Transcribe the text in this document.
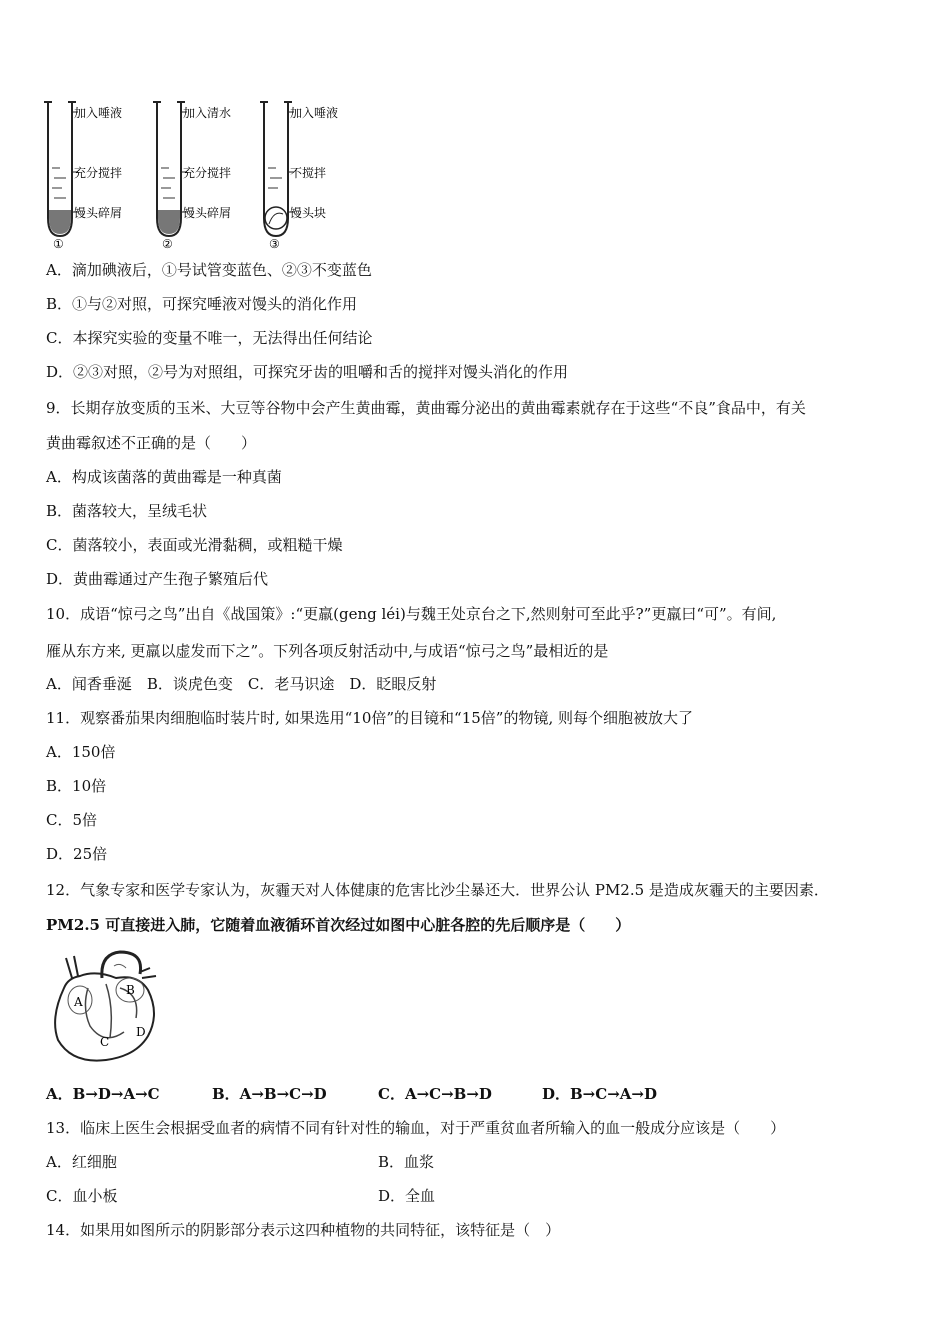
加入唾液
充分搅拌
馒头碎屑
①
加入清水
充分搅拌
馒头碎屑
②
加入唾液
不搅拌
馒头块
③
A．滴加碘液后，①号试管变蓝色、②③不变蓝色
B．①与②对照，可探究唾液对馒头的消化作用
C．本探究实验的变量不唯一，无法得出任何结论
D．②③对照，②号为对照组，可探究牙齿的咀嚼和舌的搅拌对馒头消化的作用
9．长期存放变质的玉米、大豆等谷物中会产生黄曲霉，黄曲霉分泌出的黄曲霉素就存在于这些“不良”食品中，有关
黄曲霉叙述不正确的是（　　）
A．构成该菌落的黄曲霉是一种真菌
B．菌落较大，呈绒毛状
C．菌落较小，表面或光滑黏稠，或粗糙干燥
D．黄曲霉通过产生孢子繁殖后代
10．成语“惊弓之鸟”出自《战国策》:“更羸(geng léi)与魏王处京台之下,然则射可至此乎?”更羸曰“可”。有间,
雁从东方来, 更羸以虚发而下之”。下列各项反射活动中,与成语“惊弓之鸟”最相近的是
A．闻香垂涎　B．谈虎色变　C．老马识途　D．眨眼反射
11．观察番茄果肉细胞临时装片时, 如果选用“10倍”的目镜和“15倍”的物镜, 则每个细胞被放大了
A．150倍
B．10倍
C．5倍
D．25倍
12．气象专家和医学专家认为，灰霾天对人体健康的危害比沙尘暴还大．世界公认 PM2.5 是造成灰霾天的主要因素．
PM2.5 可直接进入肺，它随着血液循环首次经过如图中心脏各腔的先后顺序是（　　）
A
B
C
D
A．B→D→A→C	B．A→B→C→D	C．A→C→B→D	D．B→C→A→D
13．临床上医生会根据受血者的病情不同有针对性的输血，对于严重贫血者所输入的血一般成分应该是（　　）
A．红细胞	B．血浆
C．血小板	D．全血
14．如果用如图所示的阴影部分表示这四种植物的共同特征，该特征是（　）
